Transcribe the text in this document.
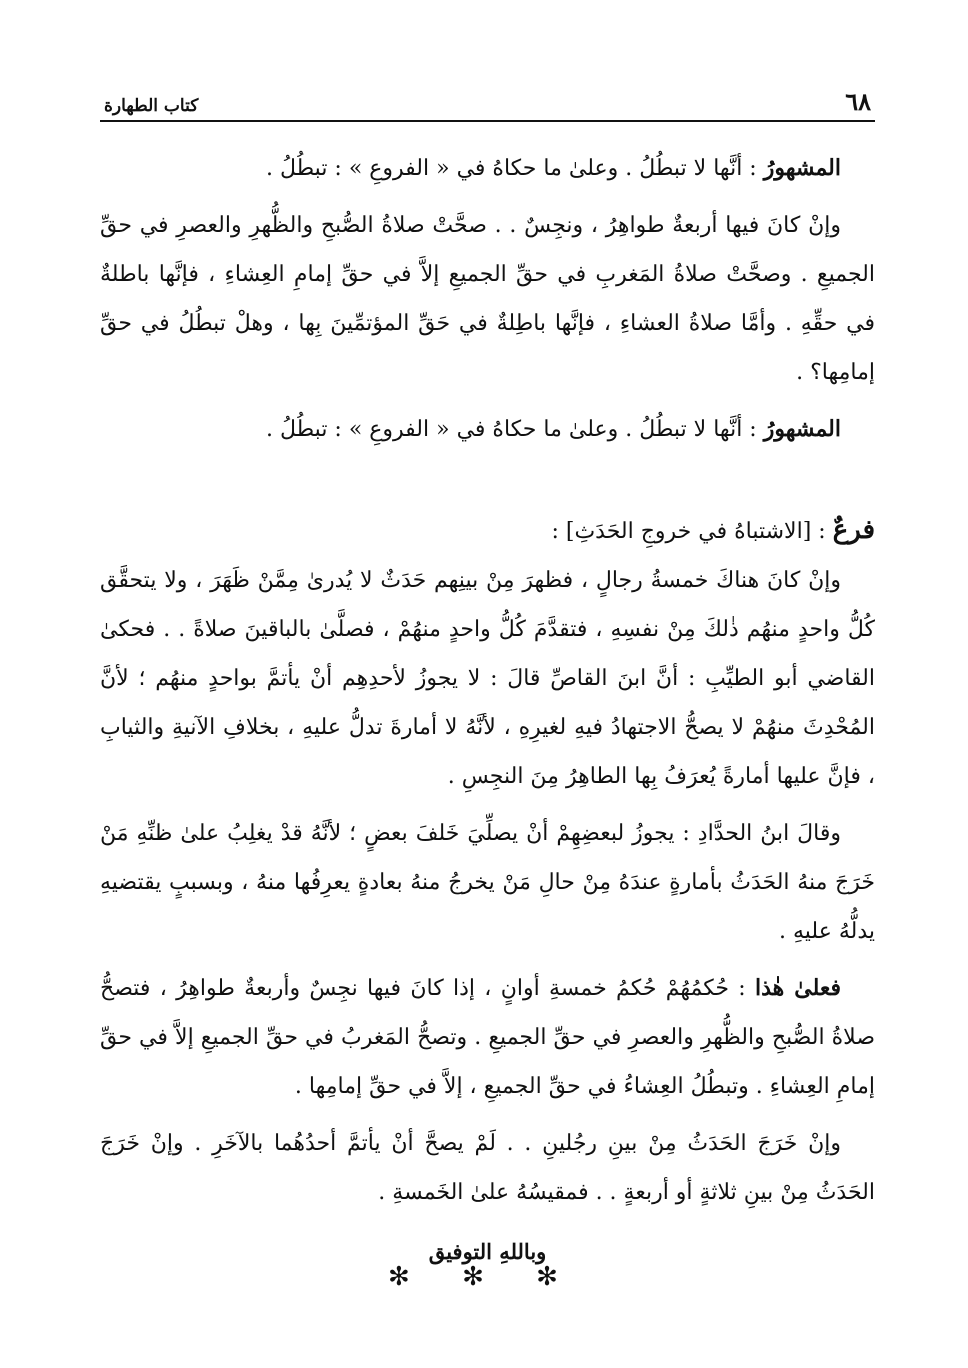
٦٨
كتاب الطهارة

المشهورُ : أنَّها لا تبطُلُ . وعلىٰ ما حكاهُ في « الفروعِ » : تبطُلُ .

وإنْ كانَ فيها أربعةٌ طواهِرُ ، ونجِسٌ . . صحَّتْ صلاةُ الصُّبحِ والظُّهرِ والعصرِ في حقِّ الجميعِ . وصحَّتْ صلاةُ المَغربِ في حقِّ الجميعِ إلاَّ في حقِّ إمامِ العِشاءِ ، فإنَّها باطلةٌ في حقِّهِ . وأمَّا صلاةُ العشاءِ ، فإنَّها باطِلةٌ في حَقِّ المؤتمِّينَ بِها ، وهلْ تبطُلُ في حقِّ إمامِها؟ .

المشهورُ : أنَّها لا تبطُلُ . وعلىٰ ما حكاهُ في « الفروعِ » : تبطُلُ .

فرعٌ : [الاشتباهُ في خروجِ الحَدَثِ] :

وإنْ كانَ هناكَ خمسةُ رجالٍ ، فظهرَ مِنْ بينِهم حَدَثٌ لا يُدرىٰ مِمَّنْ ظَهَرَ ، ولا يتحقَّق كُلُّ واحدٍ منهُم ذٰلكَ مِنْ نفسِهِ ، فتقدَّمَ كُلُّ واحدٍ منهُمْ ، فصلَّىٰ بالباقينَ صلاةً . . فحكىٰ القاضي أبو الطيِّبِ : أنَّ ابنَ القاصِّ قالَ : لا يجوزُ لأحدِهِم أنْ يأتمَّ بواحدٍ منهُم ؛ لأنَّ المُحْدِثَ منهُمْ لا يصحُّ الاجتهادُ فيهِ لغيرِهِ ، لأنَّهُ لا أمارةَ تدلُّ عليهِ ، بخلافِ الآنيةِ والثيابِ ، فإنَّ عليها أمارةً يُعرَفُ بِها الطاهِرُ مِنَ النجِسِ .

وقالَ ابنُ الحدَّادِ : يجوزُ لبعضِهِمْ أنْ يصلِّيَ خَلفَ بعضٍ ؛ لأنَّهُ قدْ يغلِبُ علىٰ ظنِّهِ مَنْ خَرَجَ منهُ الحَدَثُ بأمارةٍ عندَهُ مِنْ حالِ مَنْ يخرجُ منهُ بعادةٍ يعرِفُها منهُ ، وبسببٍ يقتضيهِ يدلُّهُ عليهِ .

فعلىٰ هٰذا : حُكمُهُمْ حُكمُ خمسةِ أوانٍ ، إذا كانَ فيها نجِسٌ وأربعةٌ طواهِرُ ، فتصحُّ صلاةُ الصُّبحِ والظُّهرِ والعصرِ في حقِّ الجميعِ . وتصحُّ المَغربُ في حقِّ الجميعِ إلاَّ في حقِّ إمامِ العِشاءِ . وتبطُلُ العِشاءُ في حقِّ الجميعِ ، إلاَّ في حقِّ إمامِها .

وإنْ خَرَجَ الحَدَثُ مِنْ بينِ رجُلينِ . . لَمْ يصحَّ أنْ يأتمَّ أحدُهُما بالآخَرِ . وإنْ خَرَجَ الحَدَثُ مِنْ بينِ ثلاثةٍ أو أربعةٍ . . فمقيسُهُ علىٰ الخَمسةِ .

وباللهِ التوفيق
✻ ✻ ✻
